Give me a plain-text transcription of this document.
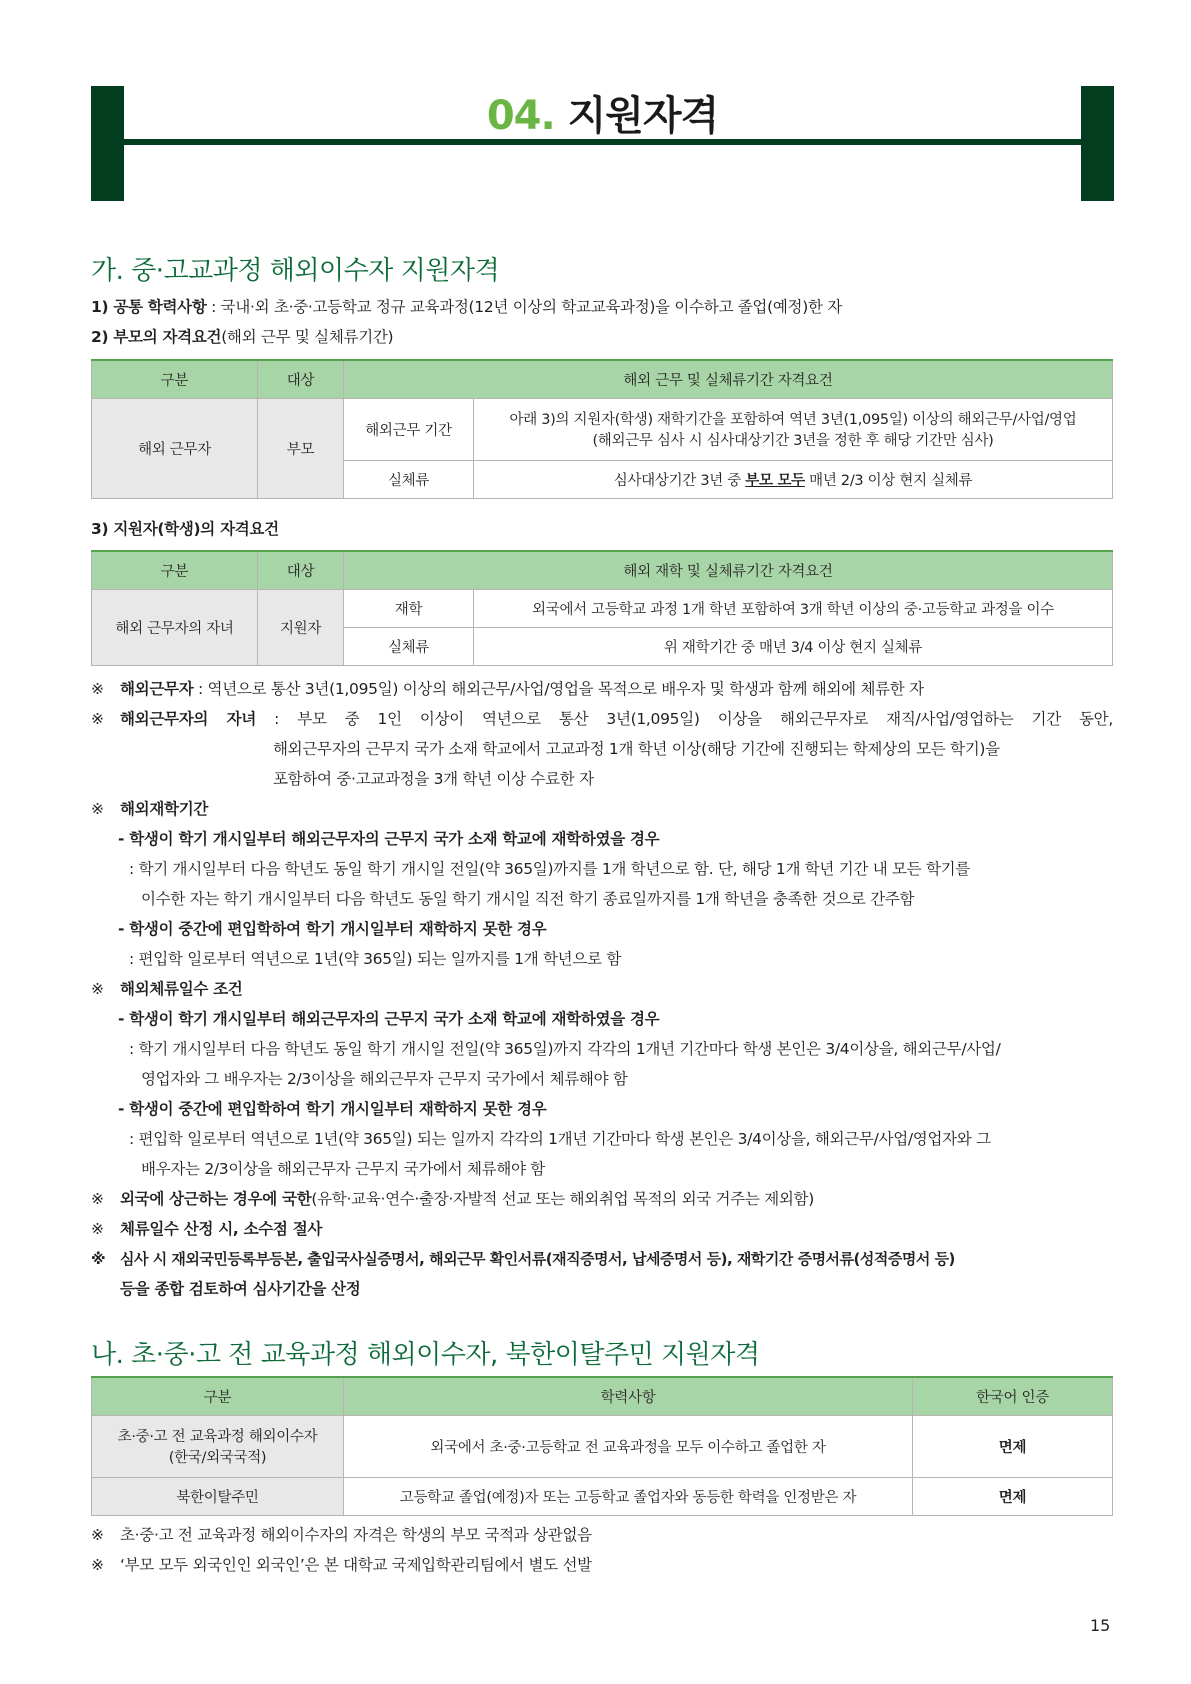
04. 지원자격
가. 중·고교과정 해외이수자 지원자격
1) 공통 학력사항 : 국내·외 초·중·고등학교 정규 교육과정(12년 이상의 학교교육과정)을 이수하고 졸업(예정)한 자
2) 부모의 자격요건(해외 근무 및 실체류기간)
구분	대상	해외 근무 및 실체류기간 자격요건	
해외 근무자	부모	해외근무 기간	아래 3)의 지원자(학생) 재학기간을 포함하여 역년 3년(1,095일) 이상의 해외근무/사업/영업
(해외근무 심사 시 심사대상기간 3년을 정한 후 해당 기간만 심사)

		실체류	심사대상기간 3년 중 부모 모두 매년 2/3 이상 현지 실체류
3) 지원자(학생)의 자격요건
구분	대상	해외 재학 및 실체류기간 자격요건	
해외 근무자의 자녀	지원자	재학	외국에서 고등학교 과정 1개 학년 포함하여 3개 학년 이상의 중·고등학교 과정을 이수
		실체류	위 재학기간 중 매년 3/4 이상 현지 실체류
※ 해외근무자 : 역년으로 통산 3년(1,095일) 이상의 해외근무/사업/영업을 목적으로 배우자 및 학생과 함께 해외에 체류한 자
※ 해외근무자의 자녀 : 부모 중 1인 이상이 역년으로 통산 3년(1,095일) 이상을 해외근무자로 재직/사업/영업하는 기간 동안,
해외근무자의 근무지 국가 소재 학교에서 고교과정 1개 학년 이상(해당 기간에 진행되는 학제상의 모든 학기)을
포함하여 중·고교과정을 3개 학년 이상 수료한 자
※ 해외재학기간
- 학생이 학기 개시일부터 해외근무자의 근무지 국가 소재 학교에 재학하였을 경우
: 학기 개시일부터 다음 학년도 동일 학기 개시일 전일(약 365일)까지를 1개 학년으로 함. 단, 해당 1개 학년 기간 내 모든 학기를
이수한 자는 학기 개시일부터 다음 학년도 동일 학기 개시일 직전 학기 종료일까지를 1개 학년을 충족한 것으로 간주함
- 학생이 중간에 편입학하여 학기 개시일부터 재학하지 못한 경우
: 편입학 일로부터 역년으로 1년(약 365일) 되는 일까지를 1개 학년으로 함
※ 해외체류일수 조건
- 학생이 학기 개시일부터 해외근무자의 근무지 국가 소재 학교에 재학하였을 경우
: 학기 개시일부터 다음 학년도 동일 학기 개시일 전일(약 365일)까지 각각의 1개년 기간마다 학생 본인은 3/4이상을, 해외근무/사업/
영업자와 그 배우자는 2/3이상을 해외근무자 근무지 국가에서 체류해야 함
- 학생이 중간에 편입학하여 학기 개시일부터 재학하지 못한 경우
: 편입학 일로부터 역년으로 1년(약 365일) 되는 일까지 각각의 1개년 기간마다 학생 본인은 3/4이상을, 해외근무/사업/영업자와 그
배우자는 2/3이상을 해외근무자 근무지 국가에서 체류해야 함
※ 외국에 상근하는 경우에 국한(유학·교육·연수·출장·자발적 선교 또는 해외취업 목적의 외국 거주는 제외함)
※ 체류일수 산정 시, 소수점 절사
※ 심사 시 재외국민등록부등본, 출입국사실증명서, 해외근무 확인서류(재직증명서, 납세증명서 등), 재학기간 증명서류(성적증명서 등)
등을 종합 검토하여 심사기간을 산정
나. 초·중·고 전 교육과정 해외이수자, 북한이탈주민 지원자격
구분	학력사항	한국어 인증

초·중·고 전 교육과정 해외이수자
(한국/외국국적)	외국에서 초·중·고등학교 전 교육과정을 모두 이수하고 졸업한 자	면제
북한이탈주민	고등학교 졸업(예정)자 또는 고등학교 졸업자와 동등한 학력을 인정받은 자	면제
※ 초·중·고 전 교육과정 해외이수자의 자격은 학생의 부모 국적과 상관없음
※ ‘부모 모두 외국인인 외국인’은 본 대학교 국제입학관리팀에서 별도 선발
15
